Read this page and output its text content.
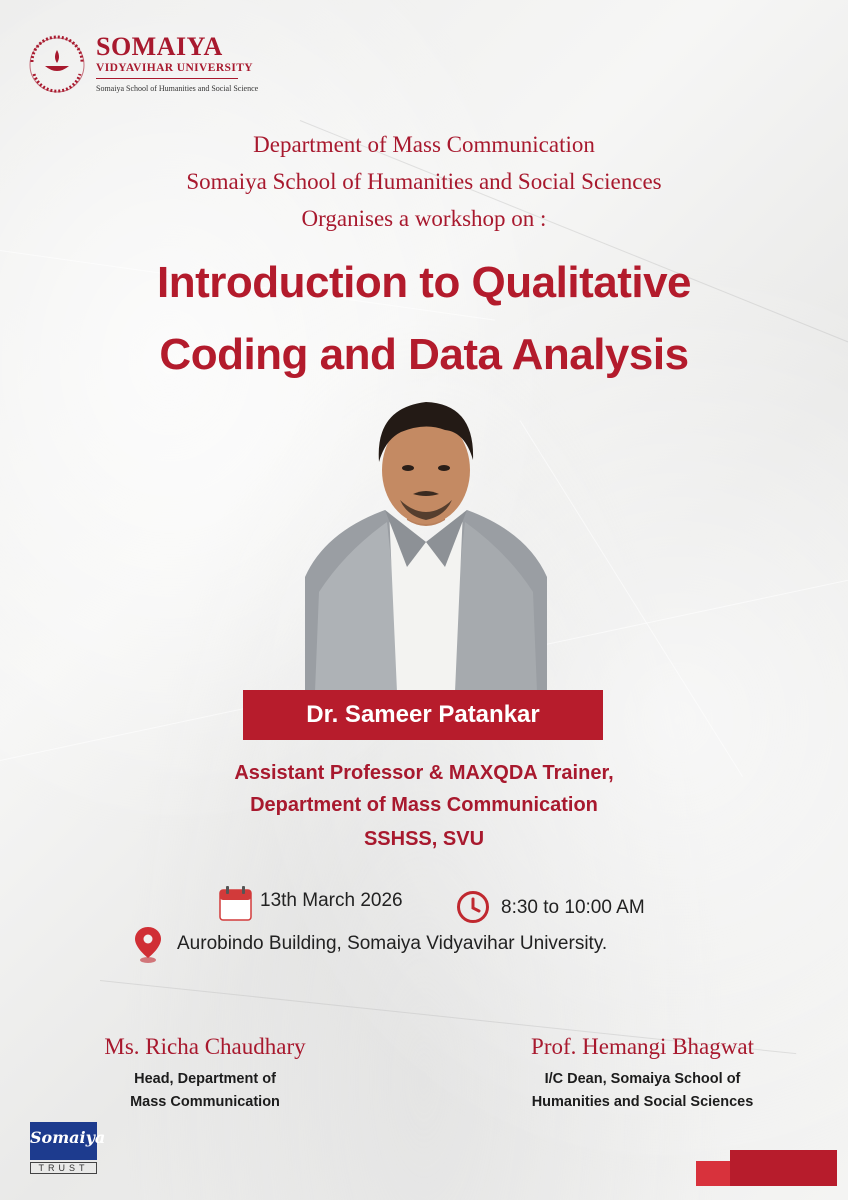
SOMAIYA
VIDYAVIHAR UNIVERSITY
Somaiya School of Humanities and Social Science
Department of Mass Communication
Somaiya School of Humanities and Social Sciences
Organises a workshop on :
Introduction to Qualitative
Coding and Data Analysis
Dr. Sameer Patankar
Assistant Professor & MAXQDA Trainer,
Department of Mass Communication
SSHSS, SVU
13th March 2026	8:30 to 10:00 AM
Aurobindo Building, Somaiya Vidyavihar University.
Ms. Richa Chaudhary
Head, Department of
Mass Communication
Prof. Hemangi Bhagwat
I/C Dean, Somaiya School of
Humanities and Social Sciences
Somaiya
TRUST
